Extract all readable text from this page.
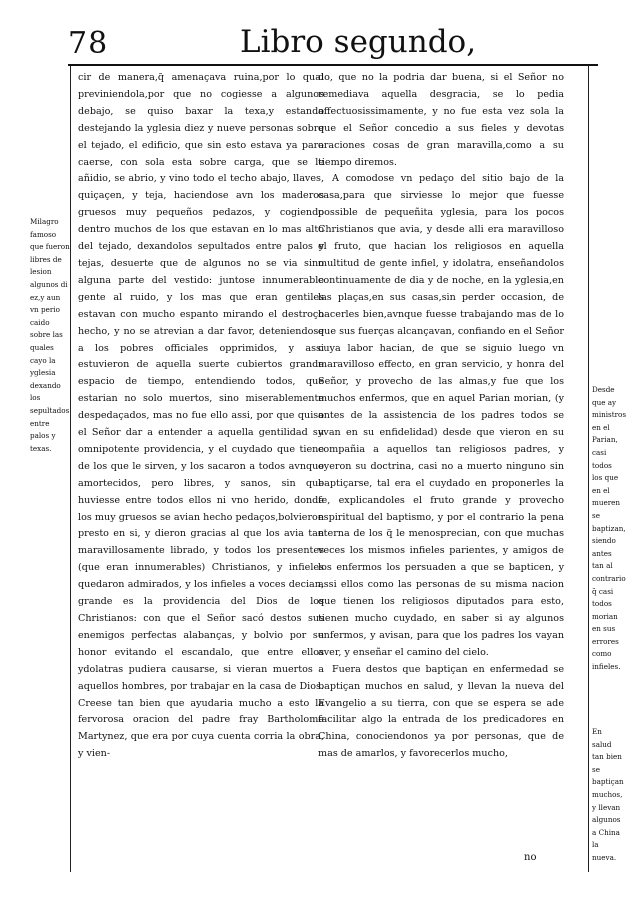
78	Libro segundo,
Milagro famoso que fueron libres de lesion algunos di ez,y aun vn perio caido sobre las quales cayo la yglesia dexando los sepultados entre palos y texas.

cir de manera,q̃ amenaçava ruina,por lo qual previniendola,por que no cogiesse a algunos debajo, se quiso baxar la texa,y estando destejando la yglesia diez y nueve personas sobre el tejado, el edificio, que sin esto estava ya para caerse, con sola esta sobre carga, que se le añidio, se abrio, y vino todo el techo abajo, llaves, quiçaçen, y teja, haciendose avn los maderos gruesos muy pequeños pedazos, y cogiendo dentro muchos de los que estavan en lo mas alto del tejado, dexandolos sepultados entre palos y tejas, desuerte que de algunos no se via sino alguna parte del vestido: juntose innumerable gente al ruido, y los mas que eran gentiles estavan con mucho espanto mirando el destroço hecho, y no se atrevian a dar favor, deteniendose a los pobres officiales opprimidos, y assi estuvieron de aquella suerte cubiertos grande espacio de tiempo, entendiendo todos, que estarian no solo muertos, sino miserablemente despedaçados, mas no fue ello assi, por que quiso el Señor dar a entender a aquella gentilidad su omnipotente providencia, y el cuydado que tiene de los que le sirven, y los sacaron a todos avnque amortecidos, pero libres, y sanos, sin que huviesse entre todos ellos ni vno herido, donde los muy gruesos se avian hecho pedaços,bolvieron presto en si, y dieron gracias al que los avia tan maravillosamente librado, y todos los presentes (que eran innumerables) Christianos, y infieles quedaron admirados, y los infieles a voces decian, grande es la providencia del Dios de los Christianos: con que el Señor sacó destos sus enemigos perfectas alabanças, y bolvio por su honor evitando el escandalo, que entre ellos ydolatras pudiera causarse, si vieran muertos a aquellos hombres, por trabajar en la casa de Dios. Creese tan bien que ayudaria mucho a esto la fervorosa oracion del padre fray Bartholome Martynez, que era por cuya cuenta corria la obra, y vien-

do, que no la podria dar buena, si el Señor no remediava aquella desgracia, se lo pedia affectuosissimamente, y no fue esta vez sola la que el Señor concedio a sus fieles y devotas oraciones cosas de gran maravilla,como a su tiempo diremos.

A comodose vn pedaço del sitio bajo de la casa,para que sirviesse lo mejor que fuesse possible de pequeñita yglesia, para los pocos Christianos que avia, y desde alli era maravilloso el fruto, que hacian los religiosos en aquella multitud de gente infiel, y idolatra, enseñandolos continuamente de dia y de noche, en la yglesia,en las plaças,en sus casas,sin perder occasion, de hacerles bien,avnque fuesse trabajando mas de lo que sus fuerças alcançavan, confiando en el Señor cuya labor hacian, de que se siguio luego vn maravilloso effecto, en gran servicio, y honra del Señor, y provecho de las almas,y fue que los muchos enfermos, que en aquel Parian morian, (y antes de la assistencia de los padres todos se yvan en su enfidelidad) desde que vieron en su compañia a aquellos tan religiosos padres, y oyeron su doctrina, casi no a muerto ninguno sin baptiçarse, tal era el cuydado en proponerles la fe, explicandoles el fruto grande y provecho espiritual del baptismo, y por el contrario la pena eterna de los q̃ le menosprecian, con que muchas veces los mismos infieles parientes, y amigos de los enfermos los persuaden a que se bapticen, y assi ellos como las personas de su misma nacion que tienen los religiosos diputados para esto, tienen mucho cuydado, en saber si ay algunos enfermos, y avisan, para que los padres los vayan aver, y enseñar el camino del cielo.

Fuera destos que baptiçan en enfermedad se baptiçan muchos en salud, y llevan la nueva del Evangelio a su tierra, con que se espera se ade facilitar algo la entrada de los predicadores en China, conociendonos ya por personas, que de mas de amarlos, y favorecerlos mucho,

Desde que ay ministros en el Parian, casi todos los que en el mueren se baptizan, siendo antes tan al contrario q̃ casi todos morian en sus errores como infieles.
En salud tan bien se baptiçan muchos, y llevan algunos a China la nueva.
no
